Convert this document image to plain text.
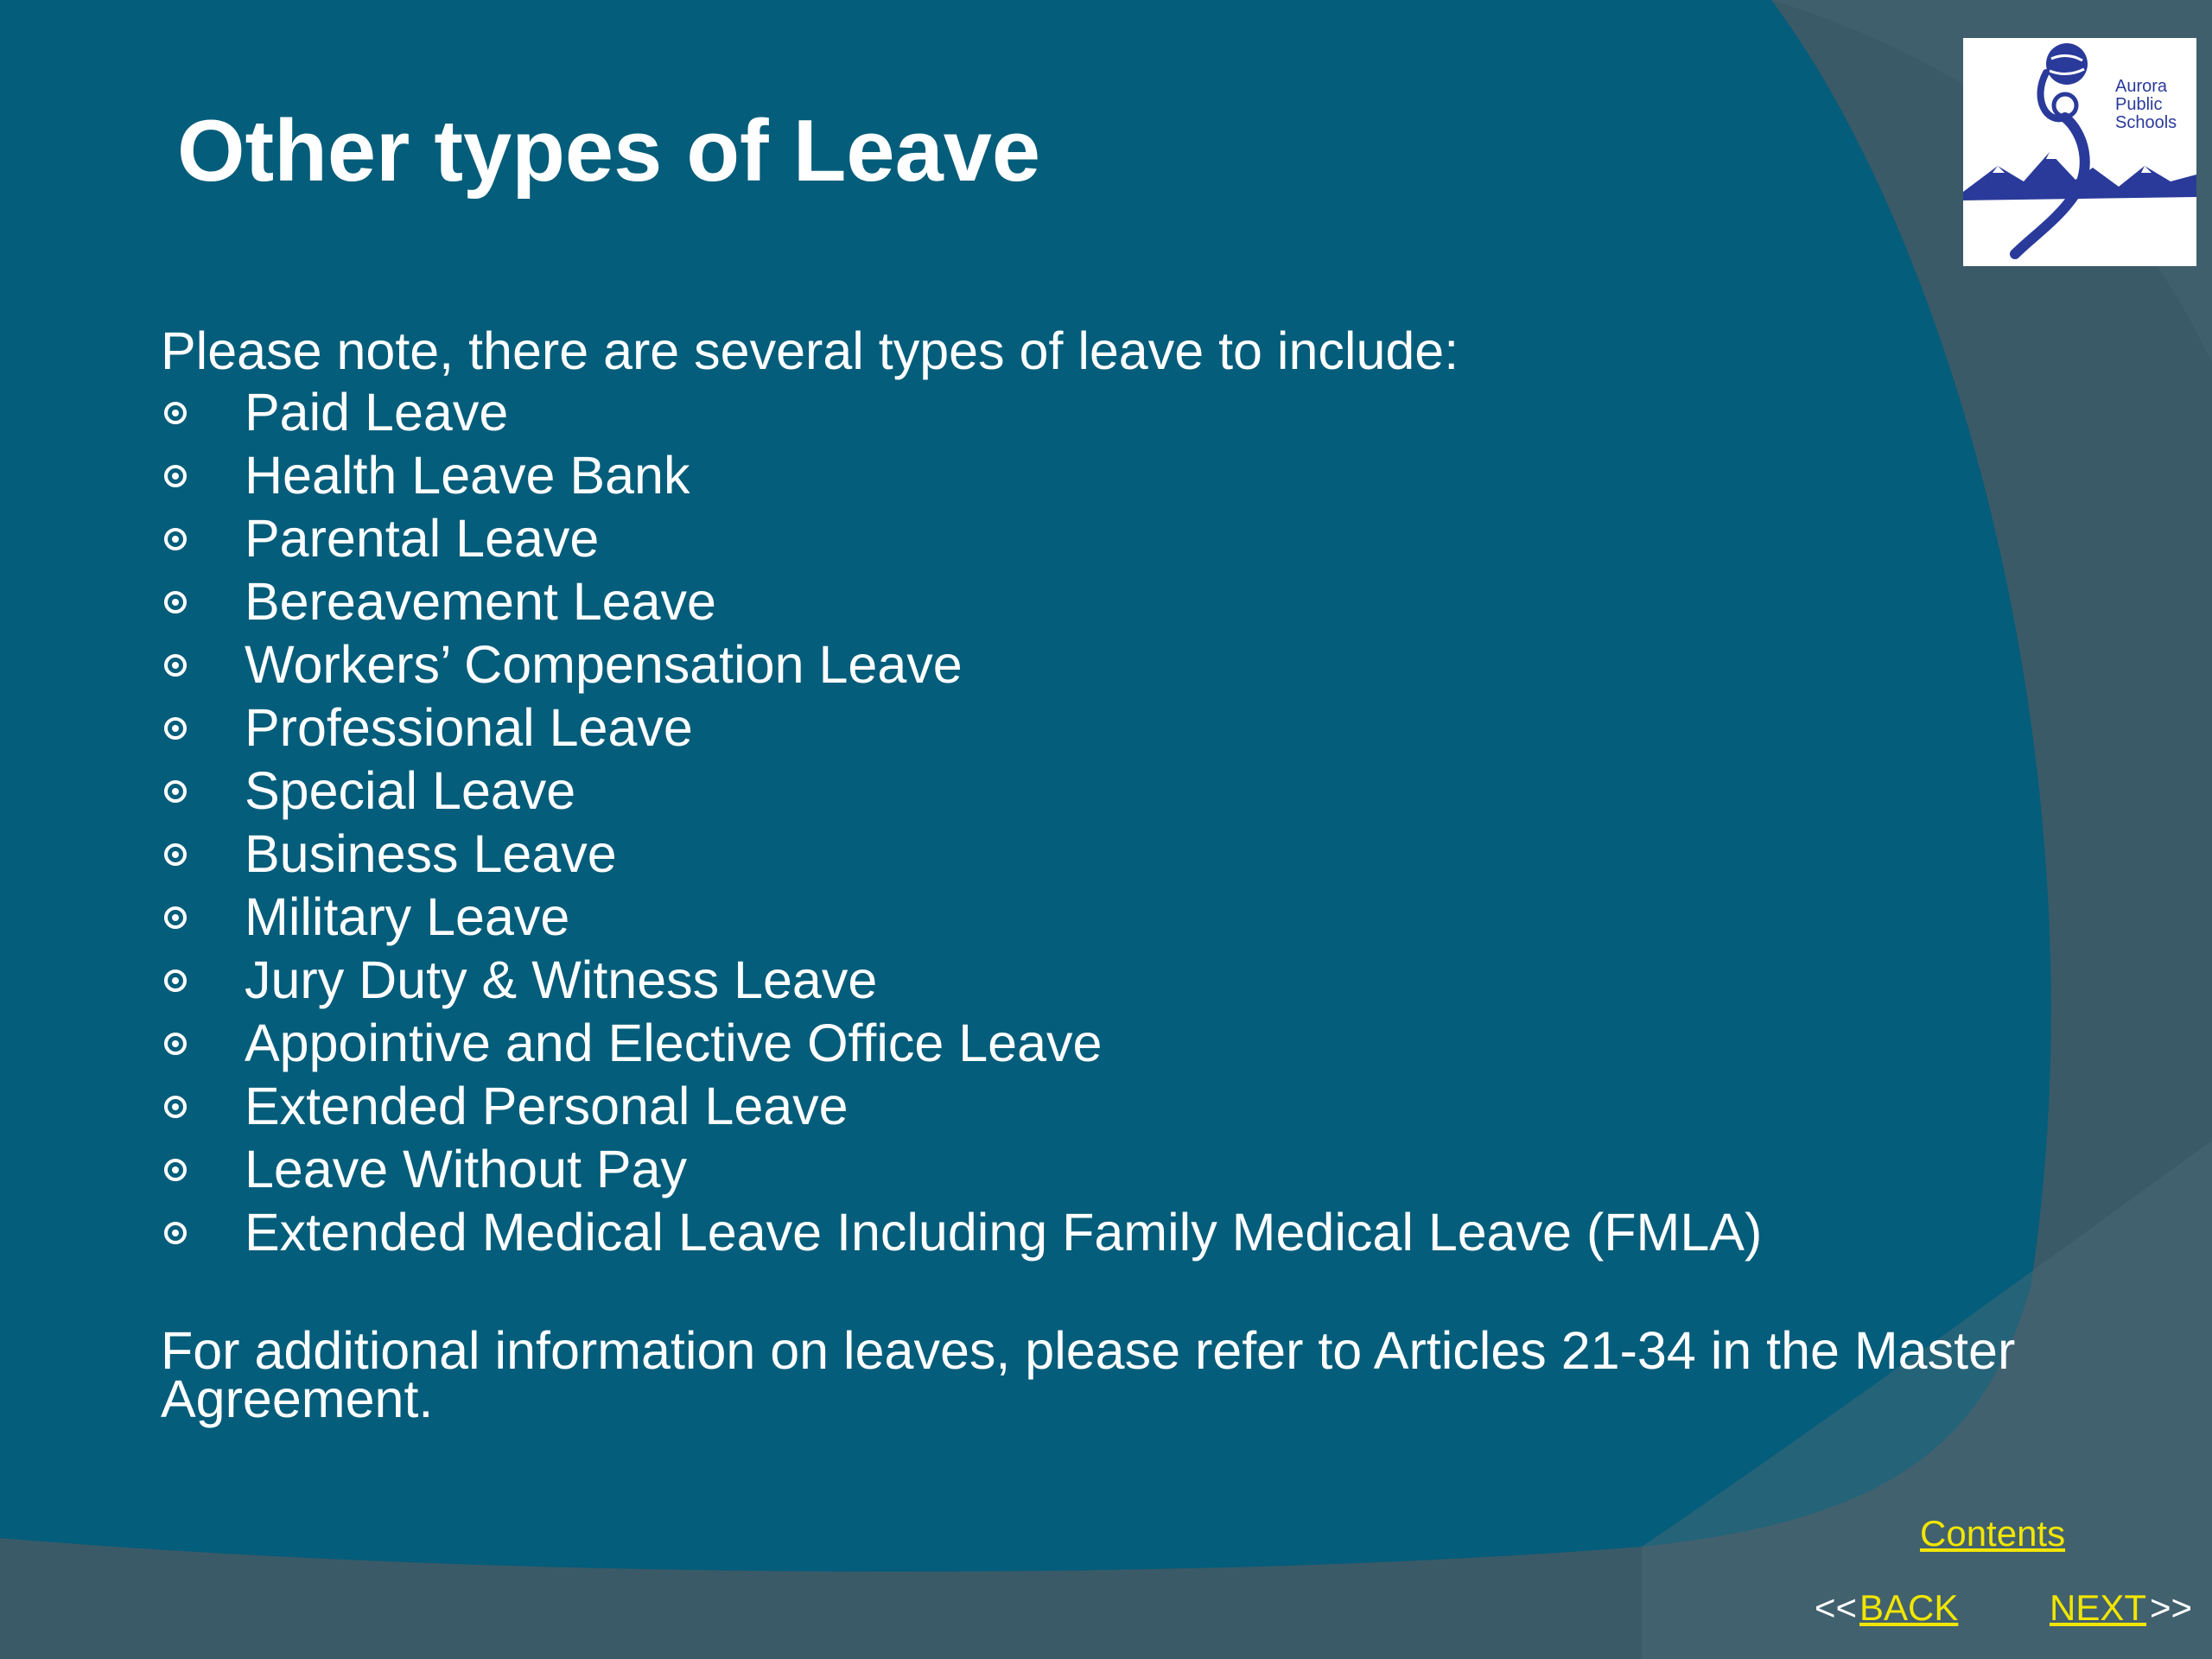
Other types of Leave
Aurora
Public
Schools

Please note, there are several types of leave to include:

Paid Leave
Health Leave Bank
Parental Leave
Bereavement Leave
Workers’ Compensation Leave
Professional Leave
Special Leave
Business Leave
Military Leave
Jury Duty & Witness Leave
Appointive and Elective Office Leave
Extended Personal Leave
Leave Without Pay
Extended Medical Leave Including Family Medical Leave (FMLA)

For additional information on leaves, please refer to Articles 21-34 in the Master Agreement.

Contents
<< BACK	NEXT >>
